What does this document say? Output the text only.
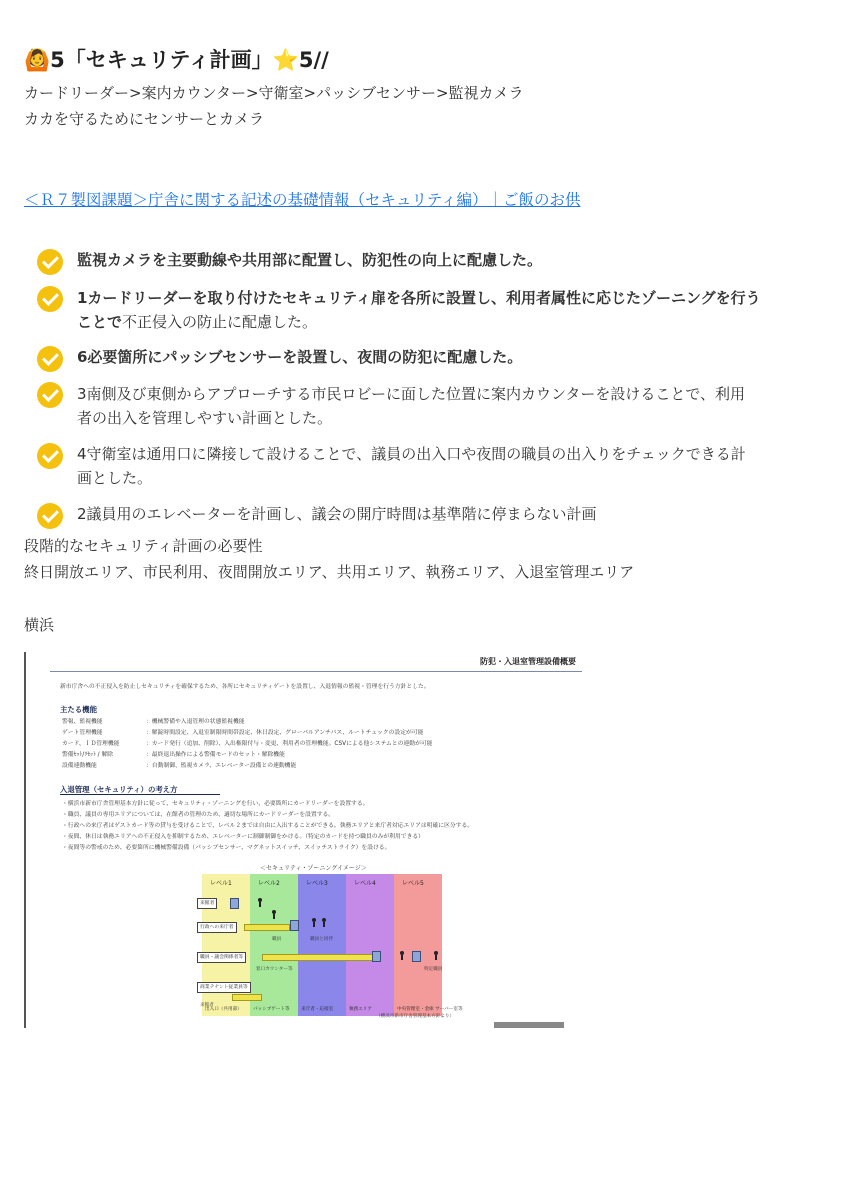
🙆5「セキュリティ計画」⭐5//
カードリーダー>案内カウンター>守衛室>パッシブセンサー>監視カメラ
カカを守るためにセンサーとカメラ
＜Ｒ７製図課題＞庁舎に関する記述の基礎情報（セキュリティ編）｜ご飯のお供
監視カメラを主要動線や共用部に配置し、防犯性の向上に配慮した。
1カードリーダーを取り付けたセキュリティ扉を各所に設置し、利用者属性に応じたゾーニングを行う
ことで不正侵入の防止に配慮した。
6必要箇所にパッシブセンサーを設置し、夜間の防犯に配慮した。
3南側及び東側からアプローチする市民ロビーに面した位置に案内カウンターを設けることで、利用
者の出入を管理しやすい計画とした。
4守衛室は通用口に隣接して設けることで、議員の出入口や夜間の職員の出入りをチェックできる計
画とした。
2議員用のエレベーターを計画し、議会の開庁時間は基準階に停まらない計画
段階的なセキュリティ計画の必要性
終日開放エリア、市民利用、夜間開放エリア、共用エリア、執務エリア、入退室管理エリア
横浜
防犯・入退室管理設備概要
新市庁舎への不正侵入を防止しセキュリティを確保するため、各所にセキュリティゲートを設置し、入退情報の監視・管理を行う方針とした。
主たる機能
警報、監視機能	：機械警備や入退管理の状態監視機能
ゲート管理機能	：解錠時間設定、入退室制限時間帯設定、休日設定、グローバルアンチパス、ルートチェックの設定が可能
カード、ＩＤ管理機能	：カード発行（追加、削除）、入出権限付与・変更、利用者の管理機能。CSVによる他システムとの連動が可能
警備ｾｯﾄ/ﾘｾｯﾄ / 解除	：最終退出操作による警備モードのセット・解除機能
設備連動機能	：自動制御、監視カメラ、エレベーター設備との連動機能
入退管理（セキュリティ）の考え方
・横浜市新市庁舎管理基本方針に従って、セキュリティ・ゾーニングを行い、必要箇所にカードリーダーを設置する。
・職員、議員の専用エリアについては、在館者の管理のため、適切な場所にカードリーダーを設置する。
・行政への来庁者はゲストカード等の貸与を受けることで、レベル２までは自由に入出することができる。執務エリアと来庁者対応エリアは明確に区分する。
・夜間、休日は執務エリアへの不正侵入を抑制するため、エレベーターに制御制御をかける。（特定のカードを持つ職員のみが利用できる）
・夜間等の警戒のため、必要箇所に機械警備設備（パッシブセンサー、マグネットスイッチ、スイッチストライク）を設ける。
＜セキュリティ・ゾーニングイメージ＞
レベル1
出入口（共用部）
レベル2
パッシブゲート等
レベル3
来庁者・応接室
レベル4
執務エリア
レベル5
中央管理室・金庫 サーバー室等
来館者
行政への来庁者
職員	職員と同伴
職員・議会関係者等
窓口カウンター等	特定職員
商業テナント従業員等
来館者
（横浜市新市庁舎管理基本方針より）
